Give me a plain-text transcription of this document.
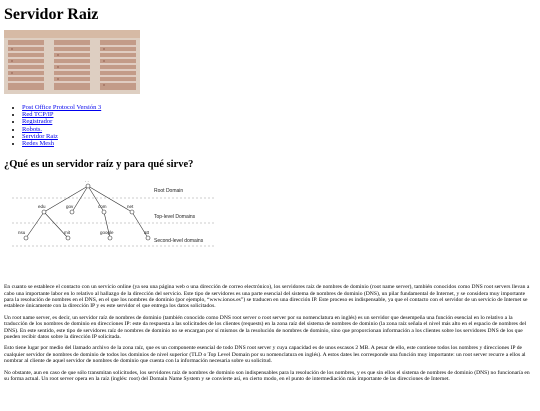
Servidor Raiz
• Post Office Protocol Versión 3
• Red TCP/IP
• Registrador
• Robots.
• Servidor Raiz
• Redes Mesh
¿Qué es un servidor raíz y para qué sirve?
. .
edu	gov	com	net
nsu	mit	google	att
Root Domain
Top-level Domains
Second-level domains

En cuanto se establece el contacto con un servicio online (ya sea una página web o una dirección de correo electrónico), los servidores raíz de nombres de dominio (root name server), también conocidos como DNS root servers llevan a cabo una importante labor en lo relativo al hallazgo de la dirección del servicio. Este tipo de servidores es una parte esencial del sistema de nombres de dominio (DNS), un pilar fundamental de Internet, y se considera muy importante para la resolución de nombres en el DNS, en el que los nombres de dominio (por ejemplo, “www.ionos.es”) se traducen en una dirección IP. Este proceso es indispensable, ya que el contacto con el servidor de un servicio de Internet se establece únicamente con la dirección IP y es este servidor el que entrega los datos solicitados.

Un root name server, es decir, un servidor raíz de nombres de dominio (también conocido como DNS root server o root server por su nomenclatura en inglés) es un servidor que desempeña una función esencial en lo relativo a la traducción de los nombres de dominio en direcciones IP: este da respuesta a las solicitudes de los clientes (requests) en la zona raíz del sistema de nombres de dominio (la zona raíz señala el nivel más alto en el espacio de nombres del DNS). En este sentido, este tipo de servidores raíz de nombres de dominio no se encargan por sí mismos de la resolución de nombres de dominio, sino que proporcionan información a los clientes sobre los servidores DNS de los que pueden recibir datos sobre la dirección IP solicitada.

Esto tiene lugar por medio del llamado archivo de la zona raíz, que es un componente esencial de todo DNS root server y cuya capacidad es de unos escasos 2 MB. A pesar de ello, este contiene todos los nombres y direcciones IP de cualquier servidor de nombres de dominio de todos los dominios de nivel superior (TLD o Top Level Domain por su nomenclatura en inglés). A estos dates les corresponde una función muy importante: un root server recurre a ellos al nombrar al cliente de aquel servidor de nombres de dominio que cuenta con la información necesaria sobre su solicitud.

No obstante, aun en caso de que sólo transmitan solicitudes, los servidores raíz de nombres de dominio son indispensables para la resolución de los nombres, y es que sin ellos el sistema de nombres de dominio (DNS) no funcionaría en su forma actual. Un root server opera en la raíz (inglés: root) del Domain Name System y se convierte así, en cierto modo, en el punto de intermediación más importante de las direcciones de Internet.
